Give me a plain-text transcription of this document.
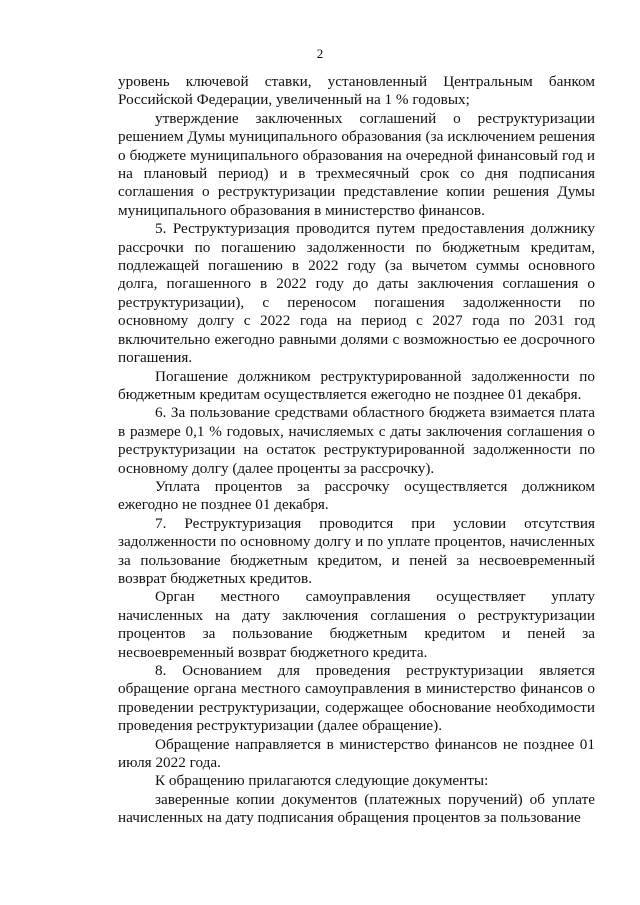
2

уровень ключевой ставки, установленный Центральным банком Российской Федерации, увеличенный на 1 % годовых;

утверждение заключенных соглашений о реструктуризации решением Думы муниципального образования (за исключением решения о бюджете муниципального образования на очередной финансовый год и на плановый период) и в трехмесячный срок со дня подписания соглашения о реструктуризации представление копии решения Думы муниципального образования в министерство финансов.

5. Реструктуризация проводится путем предоставления должнику рассрочки по погашению задолженности по бюджетным кредитам, подлежащей погашению в 2022 году (за вычетом суммы основного долга, погашенного в 2022 году до даты заключения соглашения о реструктуризации), с переносом погашения задолженности по основному долгу с 2022 года на период с 2027 года по 2031 год включительно ежегодно равными долями с возможностью ее досрочного погашения.

Погашение должником реструктурированной задолженности по бюджетным кредитам осуществляется ежегодно не позднее 01 декабря.

6. За пользование средствами областного бюджета взимается плата в размере 0,1 % годовых, начисляемых с даты заключения соглашения о реструктуризации на остаток реструктурированной задолженности по основному долгу (далее проценты за рассрочку).

Уплата процентов за рассрочку осуществляется должником ежегодно не позднее 01 декабря.

7. Реструктуризация проводится при условии отсутствия задолженности по основному долгу и по уплате процентов, начисленных за пользование бюджетным кредитом, и пеней за несвоевременный возврат бюджетных кредитов.

Орган местного самоуправления осуществляет уплату начисленных на дату заключения соглашения о реструктуризации процентов за пользование бюджетным кредитом и пеней за несвоевременный возврат бюджетного кредита.

8. Основанием для проведения реструктуризации является обращение органа местного самоуправления в министерство финансов о проведении реструктуризации, содержащее обоснование необходимости проведения реструктуризации (далее обращение).

Обращение направляется в министерство финансов не позднее 01 июля 2022 года.

К обращению прилагаются следующие документы:

заверенные копии документов (платежных поручений) об уплате начисленных на дату подписания обращения процентов за пользование
